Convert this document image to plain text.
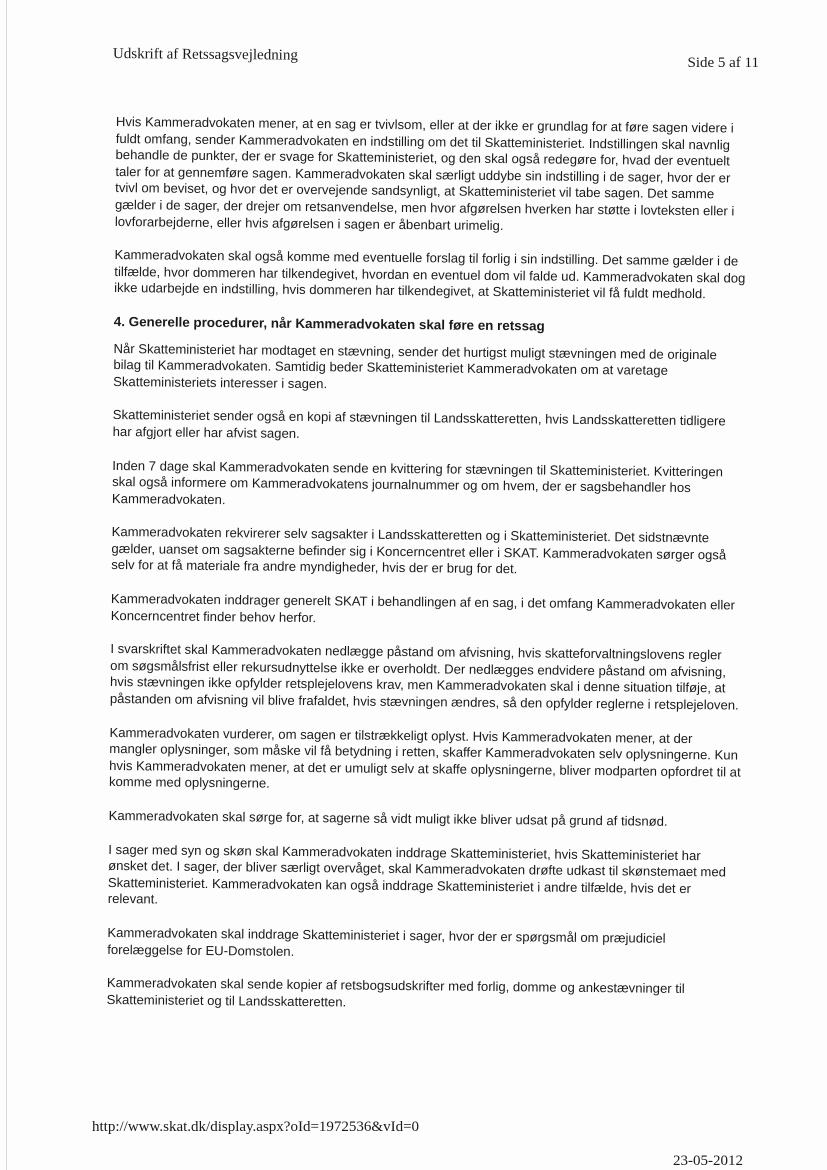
Udskrift af Retssagsvejledning	Side 5 af 11

Hvis Kammeradvokaten mener, at en sag er tvivlsom, eller at der ikke er grundlag for at føre sagen videre i fuldt omfang, sender Kammeradvokaten en indstilling om det til Skatteministeriet. Indstillingen skal navnlig behandle de punkter, der er svage for Skatteministeriet, og den skal også redegøre for, hvad der eventuelt taler for at gennemføre sagen. Kammeradvokaten skal særligt uddybe sin indstilling i de sager, hvor der er tvivl om beviset, og hvor det er overvejende sandsynligt, at Skatteministeriet vil tabe sagen. Det samme gælder i de sager, der drejer om retsanvendelse, men hvor afgørelsen hverken har støtte i lovteksten eller i lovforarbejderne, eller hvis afgørelsen i sagen er åbenbart urimelig.

Kammeradvokaten skal også komme med eventuelle forslag til forlig i sin indstilling. Det samme gælder i de tilfælde, hvor dommeren har tilkendegivet, hvordan en eventuel dom vil falde ud. Kammeradvokaten skal dog ikke udarbejde en indstilling, hvis dommeren har tilkendegivet, at Skatteministeriet vil få fuldt medhold.

4. Generelle procedurer, når Kammeradvokaten skal føre en retssag

Når Skatteministeriet har modtaget en stævning, sender det hurtigst muligt stævningen med de originale bilag til Kammeradvokaten. Samtidig beder Skatteministeriet Kammeradvokaten om at varetage Skatteministeriets interesser i sagen.

Skatteministeriet sender også en kopi af stævningen til Landsskatteretten, hvis Landsskatteretten tidligere har afgjort eller har afvist sagen.

Inden 7 dage skal Kammeradvokaten sende en kvittering for stævningen til Skatteministeriet. Kvitteringen skal også informere om Kammeradvokatens journalnummer og om hvem, der er sagsbehandler hos Kammeradvokaten.

Kammeradvokaten rekvirerer selv sagsakter i Landsskatteretten og i Skatteministeriet. Det sidstnævnte gælder, uanset om sagsakterne befinder sig i Koncerncentret eller i SKAT. Kammeradvokaten sørger også selv for at få materiale fra andre myndigheder, hvis der er brug for det.

Kammeradvokaten inddrager generelt SKAT i behandlingen af en sag, i det omfang Kammeradvokaten eller Koncerncentret finder behov herfor.

I svarskriftet skal Kammeradvokaten nedlægge påstand om afvisning, hvis skatteforvaltningslovens regler om søgsmålsfrist eller rekursudnyttelse ikke er overholdt. Der nedlægges endvidere påstand om afvisning, hvis stævningen ikke opfylder retsplejelovens krav, men Kammeradvokaten skal i denne situation tilføje, at påstanden om afvisning vil blive frafaldet, hvis stævningen ændres, så den opfylder reglerne i retsplejeloven.

Kammeradvokaten vurderer, om sagen er tilstrækkeligt oplyst. Hvis Kammeradvokaten mener, at der mangler oplysninger, som måske vil få betydning i retten, skaffer Kammeradvokaten selv oplysningerne. Kun hvis Kammeradvokaten mener, at det er umuligt selv at skaffe oplysningerne, bliver modparten opfordret til at komme med oplysningerne.

Kammeradvokaten skal sørge for, at sagerne så vidt muligt ikke bliver udsat på grund af tidsnød.

I sager med syn og skøn skal Kammeradvokaten inddrage Skatteministeriet, hvis Skatteministeriet har ønsket det. I sager, der bliver særligt overvåget, skal Kammeradvokaten drøfte udkast til skønstemaet med Skatteministeriet. Kammeradvokaten kan også inddrage Skatteministeriet i andre tilfælde, hvis det er relevant.

Kammeradvokaten skal inddrage Skatteministeriet i sager, hvor der er spørgsmål om præjudiciel forelæggelse for EU-Domstolen.

Kammeradvokaten skal sende kopier af retsbogsudskrifter med forlig, domme og ankestævninger til Skatteministeriet og til Landsskatteretten.

http://www.skat.dk/display.aspx?oId=1972536&vId=0
23-05-2012
